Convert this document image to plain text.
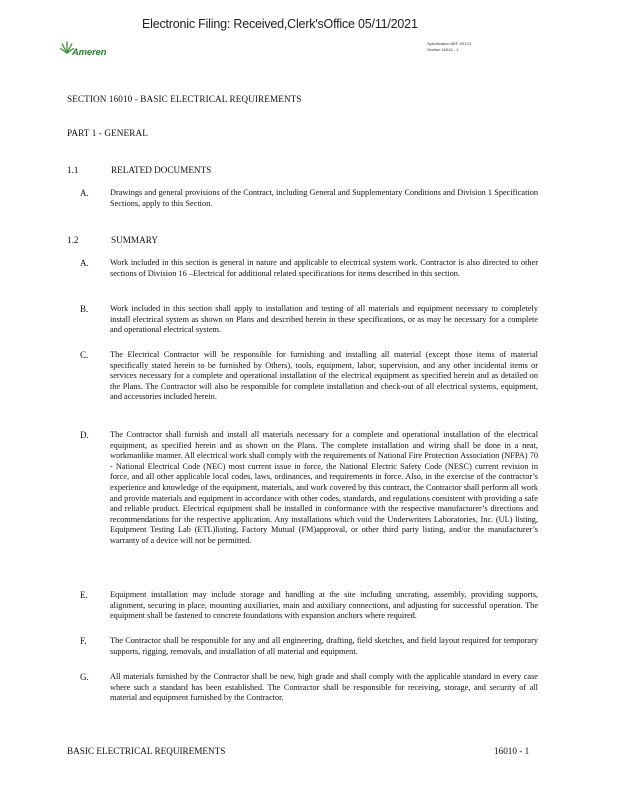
Electronic Filing: Received,Clerk'sOffice 05/11/2021
Ameren
Specification AEF-00123
Section 16010 - 1
SECTION 16010 - BASIC ELECTRICAL REQUIREMENTS
PART 1 - GENERAL
1.1	RELATED DOCUMENTS
A.	Drawings and general provisions of the Contract, including General and Supplementary Conditions and Division 1 Specification Sections, apply to this Section.
1.2	SUMMARY
A.	Work included in this section is general in nature and applicable to electrical system work. Contractor is also directed to other sections of Division 16 –Electrical for additional related specifications for items described in this section.
B.	Work included in this section shall apply to installation and testing of all materials and equipment necessary to completely install electrical system as shown on Plans and described herein in these specifications, or as may be necessary for a complete and operational electrical system.
C.	The Electrical Contractor will be responsible for furnishing and installing all material (except those items of material specifically stated herein to be furnished by Others), tools, equipment, labor, supervision, and any other incidental items or services necessary for a complete and operational installation of the electrical equipment as specified herein and as detailed on the Plans. The Contractor will also be responsible for complete installation and check-out of all electrical systems, equipment, and accessories included herein.
D.	The Contractor shall furnish and install all materials necessary for a complete and operational installation of the electrical equipment, as specified herein and as shown on the Plans. The complete installation and wiring shall be done in a neat, workmanlike manner. All electrical work shall comply with the requirements of National Fire Protection Association (NFPA) 70 - National Electrical Code (NEC) most current issue in force, the National Electric Safety Code (NESC) current revision in force, and all other applicable local codes, laws, ordinances, and requirements in force. Also, in the exercise of the contractor’s experience and knowledge of the equipment, materials, and work covered by this contract, the Contractor shall perform all work and provide materials and equipment in accordance with other codes, standards, and regulations consistent with providing a safe and reliable product. Electrical equipment shall be installed in conformance with the respective manufacturer’s directions and recommendations for the respective application. Any installations which void the Underwriters Laboratories, Inc. (UL) listing, Equipment Testing Lab (ETL)listing, Factory Mutual (FM)approval, or other third party listing, and/or the manufacturer’s warranty of a device will not be permitted.
E.	Equipment installation may include storage and handling at the site including uncrating, assembly, providing supports, alignment, securing in place, mounting auxiliaries, main and auxiliary connections, and adjusting for successful operation. The equipment shall be fastened to concrete foundations with expansion anchors where required.
F.	The Contractor shall be responsible for any and all engineering, drafting, field sketches, and field layout required for temporary supports, rigging, removals, and installation of all material and equipment.
G.	All materials furnished by the Contractor shall be new, high grade and shall comply with the applicable standard in every case where such a standard has been established. The Contractor shall be responsible for receiving, storage, and security of all material and equipment furnished by the Contractor.
BASIC ELECTRICAL REQUIREMENTS	16010 - 1
